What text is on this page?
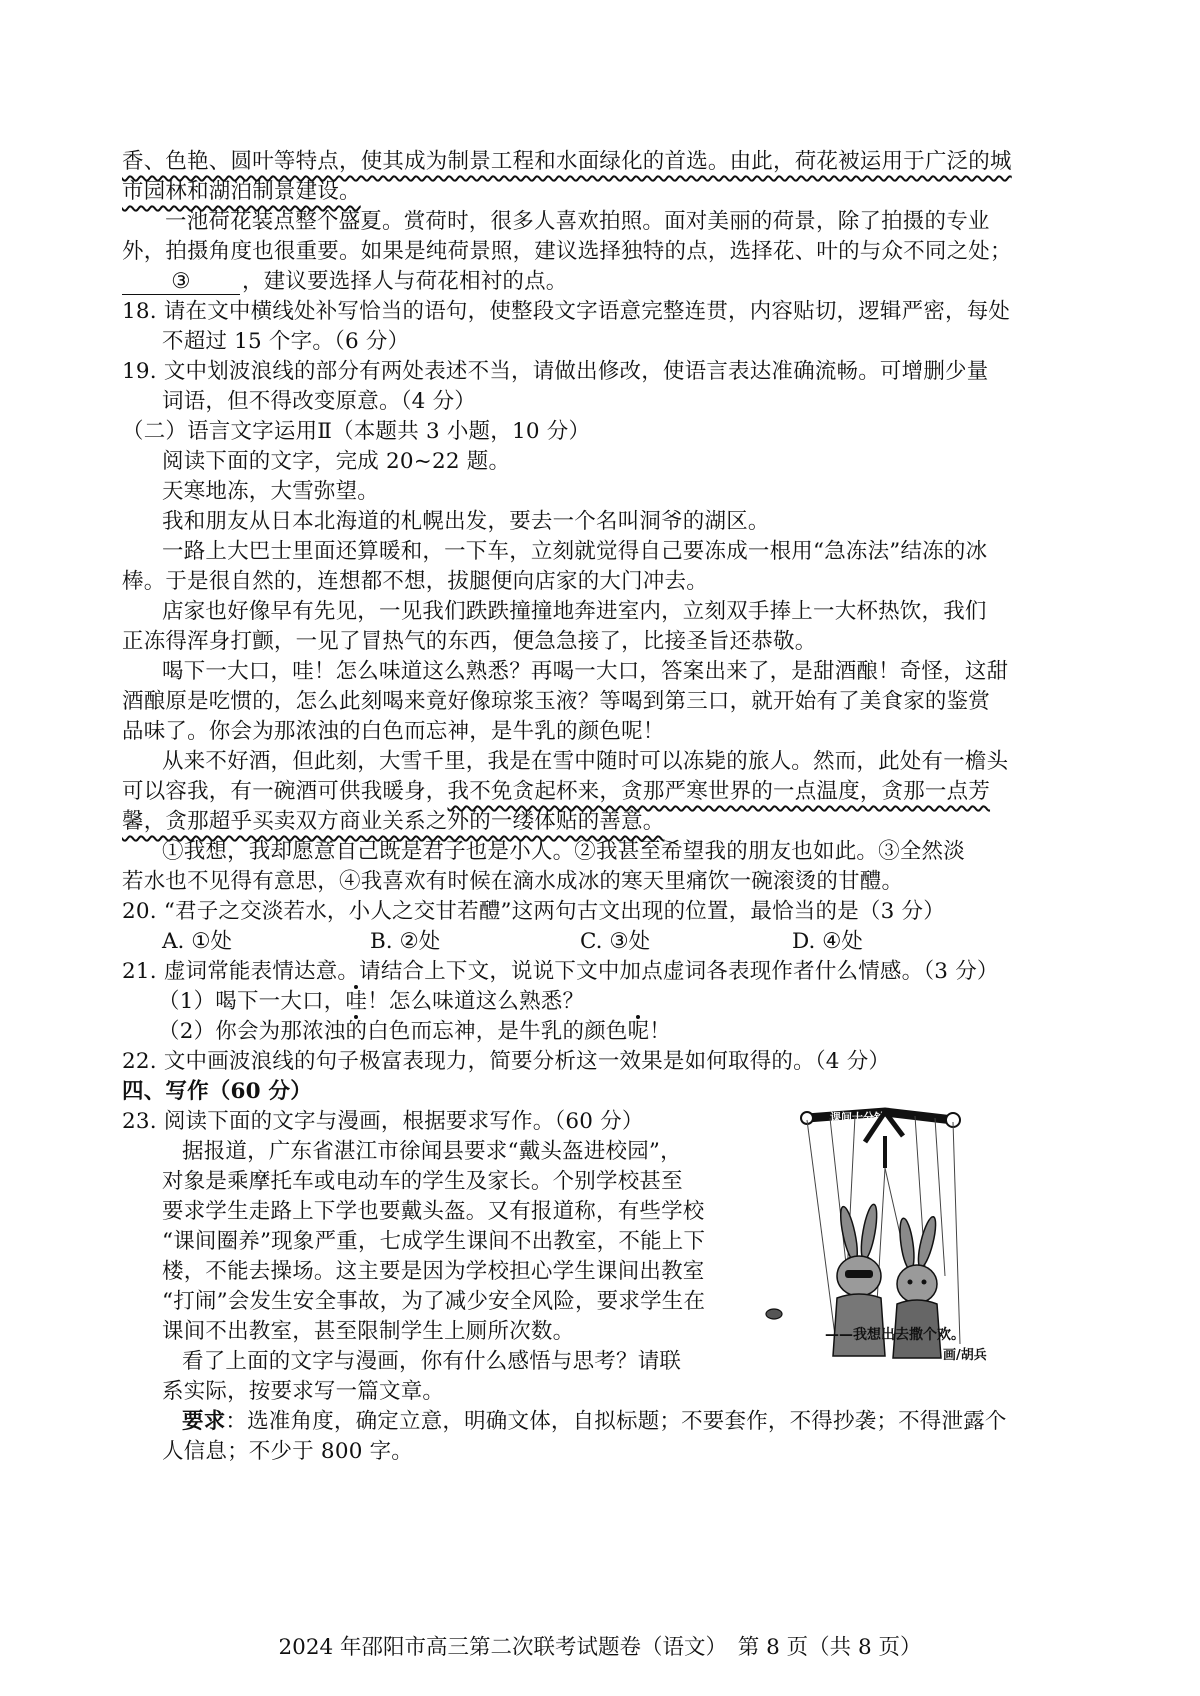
香、色艳、圆叶等特点，使其成为制景工程和水面绿化的首选。由此，荷花被运用于广泛的城
市园林和湖泊制景建设。
一池荷花装点整个盛夏。赏荷时，很多人喜欢拍照。面对美丽的荷景，除了拍摄的专业
外，拍摄角度也很重要。如果是纯荷景照，建议选择独特的点，选择花、叶的与众不同之处；
③ ，建议要选择人与荷花相衬的点。
18. 请在文中横线处补写恰当的语句，使整段文字语意完整连贯，内容贴切，逻辑严密，每处
不超过 15 个字。（6 分）
19. 文中划波浪线的部分有两处表述不当，请做出修改，使语言表达准确流畅。可增删少量
词语，但不得改变原意。（4 分）
（二）语言文字运用Ⅱ（本题共 3 小题，10 分）
阅读下面的文字，完成 20~22 题。
天寒地冻，大雪弥望。
我和朋友从日本北海道的札幌出发，要去一个名叫洞爷的湖区。
一路上大巴士里面还算暖和，一下车，立刻就觉得自己要冻成一根用“急冻法”结冻的冰
棒。于是很自然的，连想都不想，拔腿便向店家的大门冲去。
店家也好像早有先见，一见我们跌跌撞撞地奔进室内，立刻双手捧上一大杯热饮，我们
正冻得浑身打颤，一见了冒热气的东西，便急急接了，比接圣旨还恭敬。
喝下一大口，哇！怎么味道这么熟悉？再喝一大口，答案出来了，是甜酒酿！奇怪，这甜
酒酿原是吃惯的，怎么此刻喝来竟好像琼浆玉液？等喝到第三口，就开始有了美食家的鉴赏
品味了。你会为那浓浊的白色而忘神，是牛乳的颜色呢！
从来不好酒，但此刻，大雪千里，我是在雪中随时可以冻毙的旅人。然而，此处有一檐头
可以容我，有一碗酒可供我暖身，我不免贪起杯来，贪那严寒世界的一点温度，贪那一点芳
馨，贪那超乎买卖双方商业关系之外的一缕体贴的善意。
①我想，我却愿意自己既是君子也是小人。②我甚至希望我的朋友也如此。③全然淡
若水也不见得有意思，④我喜欢有时候在滴水成冰的寒天里痛饮一碗滚烫的甘醴。
20. “君子之交淡若水，小人之交甘若醴”这两句古文出现的位置，最恰当的是（3 分）
A. ①处	B. ②处	C. ③处	D. ④处
21. 虚词常能表情达意。请结合上下文，说说下文中加点虚词各表现作者什么情感。（3 分）
（1）喝下一大口，哇！怎么味道这么熟悉？
（2）你会为那浓浊的白色而忘神，是牛乳的颜色呢！
22. 文中画波浪线的句子极富表现力，简要分析这一效果是如何取得的。（4 分）
四、写作（60 分）
23. 阅读下面的文字与漫画，根据要求写作。（60 分）
据报道，广东省湛江市徐闻县要求“戴头盔进校园”，
对象是乘摩托车或电动车的学生及家长。个别学校甚至
要求学生走路上下学也要戴头盔。又有报道称，有些学校
“课间圈养”现象严重，七成学生课间不出教室，不能上下
楼，不能去操场。这主要是因为学校担心学生课间出教室
“打闹”会发生安全事故，为了减少安全风险，要求学生在
课间不出教室，甚至限制学生上厕所次数。
看了上面的文字与漫画，你有什么感悟与思考？请联
系实际，按要求写一篇文章。
要求：选准角度，确定立意，明确文体，自拟标题；不要套作，不得抄袭；不得泄露个
人信息；不少于 800 字。
课间十分钟
——我想出去撒个欢。
画/胡兵
2024 年邵阳市高三第二次联考试题卷（语文）　第 8 页（共 8 页）
